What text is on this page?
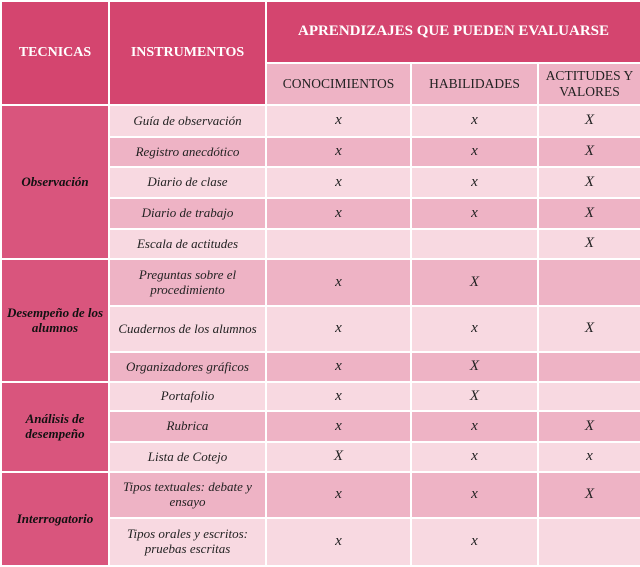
TECNICAS	INSTRUMENTOS	APRENDIZAJES QUE PUEDEN EVALUARSE		
		CONOCIMIENTOS	HABILIDADES	ACTITUDES Y VALORES
Observación	Guía de observación	x	x	X
	Registro anecdótico	x	x	X
	Diario de clase	x	x	X
	Diario de trabajo	x	x	X
	Escala de actitudes			X
Desempeño de los alumnos	Preguntas sobre el procedimiento	x	X	
	Cuadernos de los alumnos	x	x	X
	Organizadores gráficos	x	X	
Análisis de desempeño	Portafolio	x	X	
	Rubrica	x	x	X
	Lista de Cotejo	X	x	x
Interrogatorio	Tipos textuales: debate y ensayo	x	x	X
	Tipos orales y escritos: pruebas escritas	x	x	
